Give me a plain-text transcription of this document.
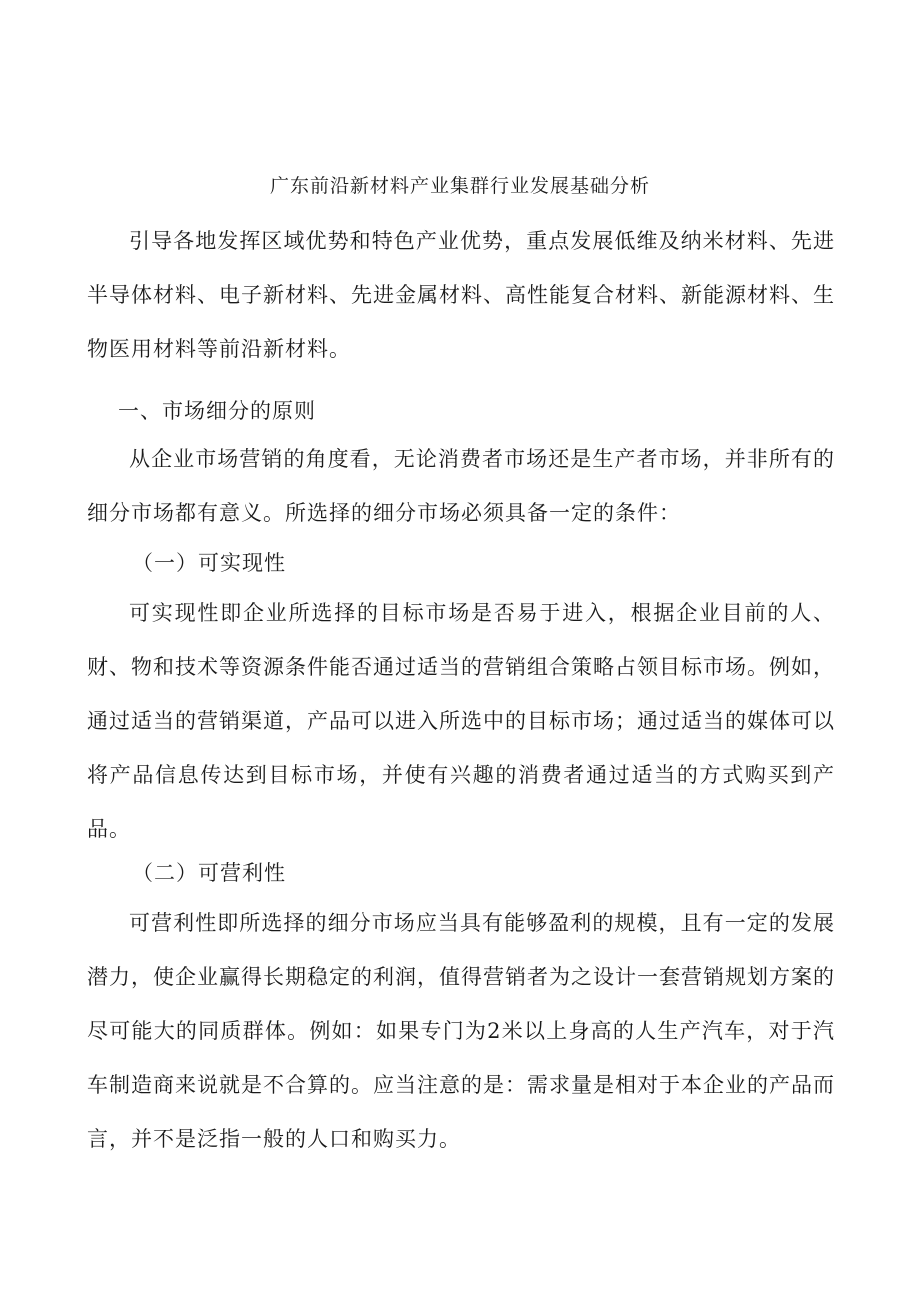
广东前沿新材料产业集群行业发展基础分析

引导各地发挥区域优势和特色产业优势，重点发展低维及纳米材料、先进半导体材料、电子新材料、先进金属材料、高性能复合材料、新能源材料、生物医用材料等前沿新材料。

一、市场细分的原则

从企业市场营销的角度看，无论消费者市场还是生产者市场，并非所有的细分市场都有意义。所选择的细分市场必须具备一定的条件：

（一）可实现性

可实现性即企业所选择的目标市场是否易于进入，根据企业目前的人、财、物和技术等资源条件能否通过适当的营销组合策略占领目标市场。例如，通过适当的营销渠道，产品可以进入所选中的目标市场；通过适当的媒体可以将产品信息传达到目标市场，并使有兴趣的消费者通过适当的方式购买到产品。

（二）可营利性

可营利性即所选择的细分市场应当具有能够盈利的规模，且有一定的发展潜力，使企业赢得长期稳定的利润，值得营销者为之设计一套营销规划方案的尽可能大的同质群体。例如：如果专门为2米以上身高的人生产汽车，对于汽车制造商来说就是不合算的。应当注意的是：需求量是相对于本企业的产品而言，并不是泛指一般的人口和购买力。
